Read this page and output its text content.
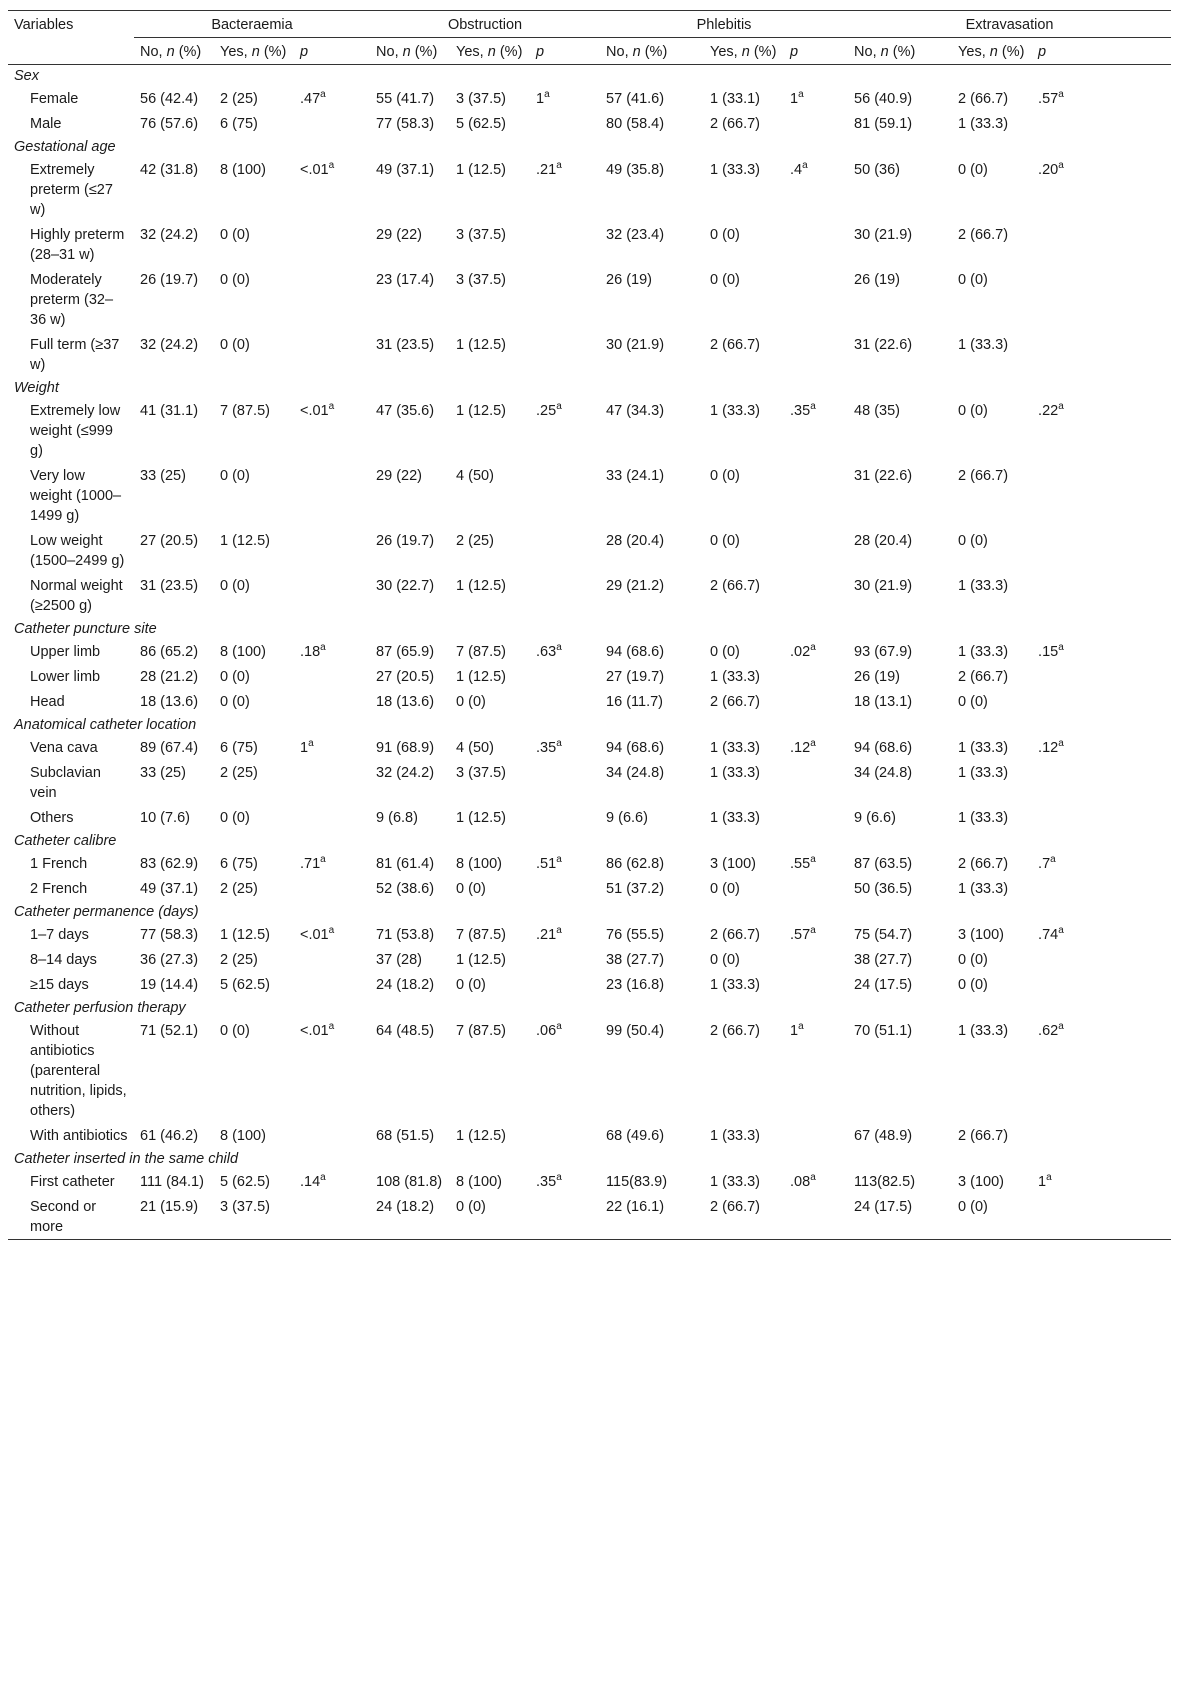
Variables	Bacteraemia			Obstruction			Phlebitis			Extravasation		
	No, n (%)	Yes, n (%)	p	No, n (%)	Yes, n (%)	p	No, n (%)	Yes, n (%)	p	No, n (%)	Yes, n (%)	p
Sex												
Female	56 (42.4)	2 (25)	.47$^a$	55 (41.7)	3 (37.5)	1$^a$	57 (41.6)	1 (33.1)	1$^a$	56 (40.9)	2 (66.7)	.57$^a$
Male	76 (57.6)	6 (75)		77 (58.3)	5 (62.5)		80 (58.4)	2 (66.7)		81 (59.1)	1 (33.3)	
Gestational age												
Extremely preterm (≤27 w)	42 (31.8)	8 (100)	<.01$^a$	49 (37.1)	1 (12.5)	.21$^a$	49 (35.8)	1 (33.3)	.4$^a$	50 (36)	0 (0)	.20$^a$
Highly preterm (28–31 w)	32 (24.2)	0 (0)		29 (22)	3 (37.5)		32 (23.4)	0 (0)		30 (21.9)	2 (66.7)	
Moderately preterm (32–36 w)	26 (19.7)	0 (0)		23 (17.4)	3 (37.5)		26 (19)	0 (0)		26 (19)	0 (0)	
Full term (≥37 w)	32 (24.2)	0 (0)		31 (23.5)	1 (12.5)		30 (21.9)	2 (66.7)		31 (22.6)	1 (33.3)	
Weight												
Extremely low weight (≤999 g)	41 (31.1)	7 (87.5)	<.01$^a$	47 (35.6)	1 (12.5)	.25$^a$	47 (34.3)	1 (33.3)	.35$^a$	48 (35)	0 (0)	.22$^a$
Very low weight (1000–1499 g)	33 (25)	0 (0)		29 (22)	4 (50)		33 (24.1)	0 (0)		31 (22.6)	2 (66.7)	
Low weight (1500–2499 g)	27 (20.5)	1 (12.5)		26 (19.7)	2 (25)		28 (20.4)	0 (0)		28 (20.4)	0 (0)	
Normal weight (≥2500 g)	31 (23.5)	0 (0)		30 (22.7)	1 (12.5)		29 (21.2)	2 (66.7)		30 (21.9)	1 (33.3)	
Catheter puncture site												
Upper limb	86 (65.2)	8 (100)	.18$^a$	87 (65.9)	7 (87.5)	.63$^a$	94 (68.6)	0 (0)	.02$^a$	93 (67.9)	1 (33.3)	.15$^a$
Lower limb	28 (21.2)	0 (0)		27 (20.5)	1 (12.5)		27 (19.7)	1 (33.3)		26 (19)	2 (66.7)	
Head	18 (13.6)	0 (0)		18 (13.6)	0 (0)		16 (11.7)	2 (66.7)		18 (13.1)	0 (0)	
Anatomical catheter location												
Vena cava	89 (67.4)	6 (75)	1$^a$	91 (68.9)	4 (50)	.35$^a$	94 (68.6)	1 (33.3)	.12$^a$	94 (68.6)	1 (33.3)	.12$^a$
Subclavian vein	33 (25)	2 (25)		32 (24.2)	3 (37.5)		34 (24.8)	1 (33.3)		34 (24.8)	1 (33.3)	
Others	10 (7.6)	0 (0)		9 (6.8)	1 (12.5)		9 (6.6)	1 (33.3)		9 (6.6)	1 (33.3)	
Catheter calibre												
1 French	83 (62.9)	6 (75)	.71$^a$	81 (61.4)	8 (100)	.51$^a$	86 (62.8)	3 (100)	.55$^a$	87 (63.5)	2 (66.7)	.7$^a$
2 French	49 (37.1)	2 (25)		52 (38.6)	0 (0)		51 (37.2)	0 (0)		50 (36.5)	1 (33.3)	
Catheter permanence (days)												
1–7 days	77 (58.3)	1 (12.5)	<.01$^a$	71 (53.8)	7 (87.5)	.21$^a$	76 (55.5)	2 (66.7)	.57$^a$	75 (54.7)	3 (100)	.74$^a$
8–14 days	36 (27.3)	2 (25)		37 (28)	1 (12.5)		38 (27.7)	0 (0)		38 (27.7)	0 (0)	
≥15 days	19 (14.4)	5 (62.5)		24 (18.2)	0 (0)		23 (16.8)	1 (33.3)		24 (17.5)	0 (0)	
Catheter perfusion therapy												
Without antibiotics (parenteral nutrition, lipids, others)	71 (52.1)	0 (0)	<.01$^a$	64 (48.5)	7 (87.5)	.06$^a$	99 (50.4)	2 (66.7)	1$^a$	70 (51.1)	1 (33.3)	.62$^a$
With antibiotics	61 (46.2)	8 (100)		68 (51.5)	1 (12.5)		68 (49.6)	1 (33.3)		67 (48.9)	2 (66.7)	
Catheter inserted in the same child												
First catheter	111 (84.1)	5 (62.5)	.14$^a$	108 (81.8)	8 (100)	.35$^a$	115(83.9)	1 (33.3)	.08$^a$	113(82.5)	3 (100)	1$^a$
Second or more	21 (15.9)	3 (37.5)		24 (18.2)	0 (0)		22 (16.1)	2 (66.7)		24 (17.5)	0 (0)	
